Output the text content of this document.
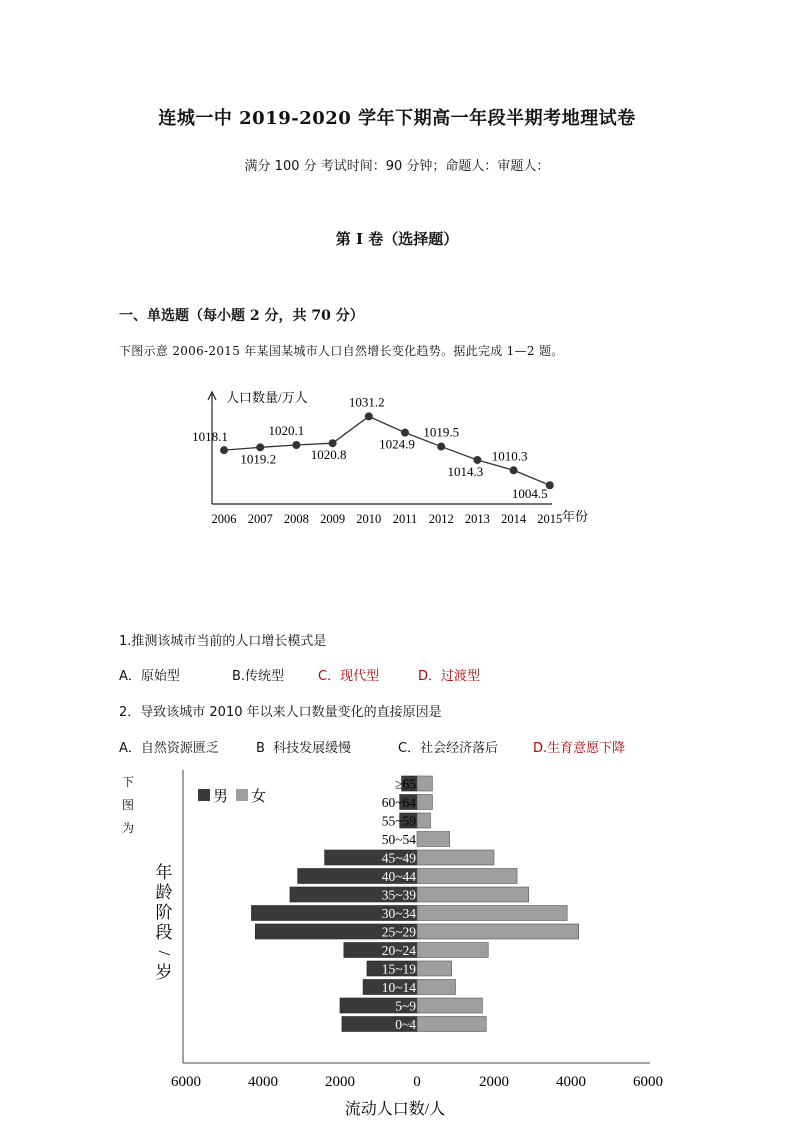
连城一中 2019-2020 学年下期高一年段半期考地理试卷
满分 100 分 考试时间：90 分钟；命题人：审题人：
第 I 卷（选择题）
一、单选题（每小题 2 分，共 70 分）
下图示意 2006-2015 年某国某城市人口自然增长变化趋势。据此完成 1—2 题。
人口数量/万人
年份
2006 2007 2008 2009 2010 2011 2012 2013 2014 2015
1018.1
1019.2
1020.1
1020.8
1031.2
1024.9
1019.5
1014.3
1010.3
1004.5
1.推测该城市当前的人口增长模式是
A．原始型	B.传统型	C．现代型	D．过渡型
2．导致该城市 2010 年以来人口数量变化的直接原因是
A．自然资源匮乏	B  科技发展缓慢	C．社会经济落后	D.生育意愿下降
下
图
为
男 女
≥65
60~64
55~59
50~54
45~49
40~44
35~39
30~34
25~29
20~24
15~19
10~14
5~9
0~4
年
龄
阶
段
/
岁
6000	4000	2000	0	2000	4000	6000
流动人口数/人
